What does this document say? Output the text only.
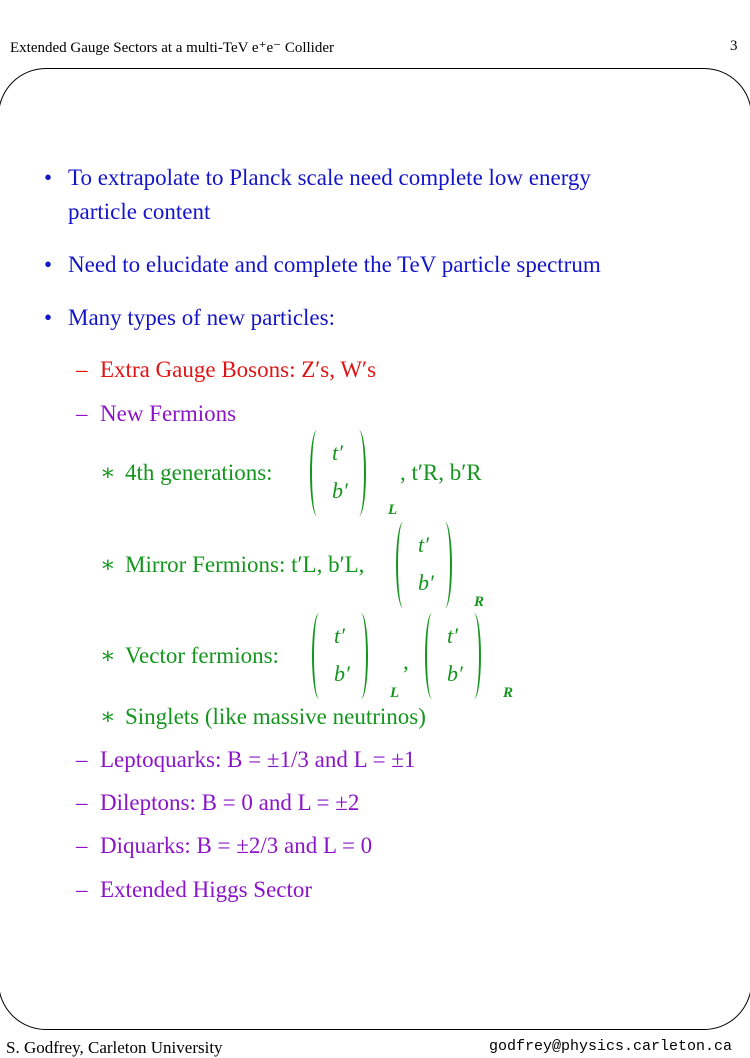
Extended Gauge Sectors at a multi-TeV e⁺e⁻ Collider	3
• To extrapolate to Planck scale need complete low energy
particle content
• Need to elucidate and complete the TeV particle spectrum
• Many types of new particles:
– Extra Gauge Bosons: Z′s, W′s
– New Fermions
∗ 4th generations:
t′
b′
L
, t′R, b′R
∗ Mirror Fermions: t′L, b′L,
t′
b′
R
∗ Vector fermions:
t′
b′
L
,
t′
b′
R
∗ Singlets (like massive neutrinos)
– Leptoquarks: B = ±1/3 and L = ±1
– Dileptons: B = 0 and L = ±2
– Diquarks: B = ±2/3 and L = 0
– Extended Higgs Sector
S. Godfrey, Carleton University	godfrey@physics.carleton.ca
